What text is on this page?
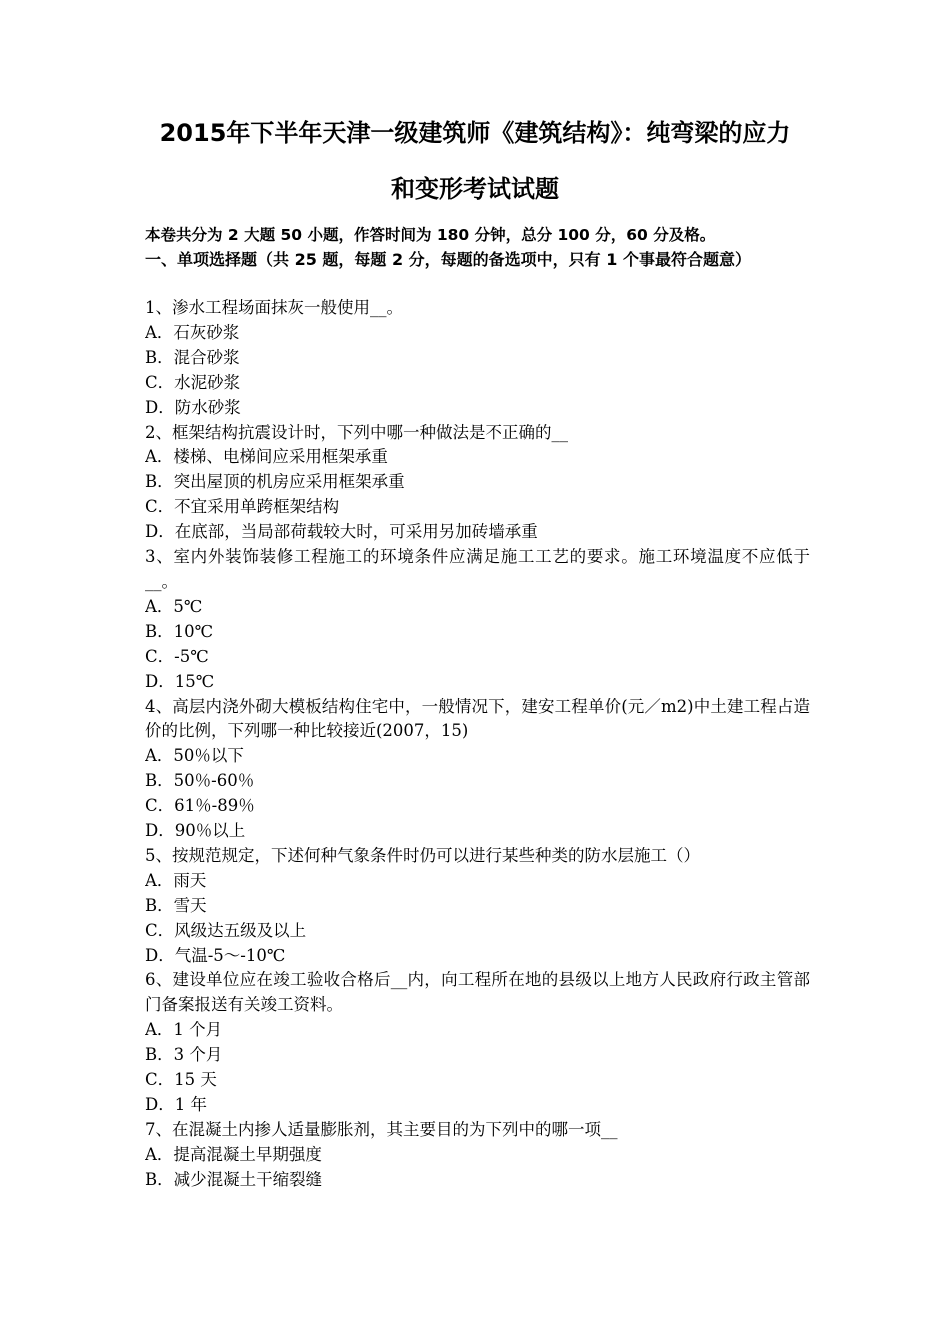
2015年下半年天津一级建筑师《建筑结构》：纯弯梁的应力
和变形考试试题
本卷共分为 2 大题 50 小题，作答时间为 180 分钟，总分 100 分，60 分及格。
一、单项选择题（共 25 题，每题 2 分，每题的备选项中，只有 1 个事最符合题意）
1、渗水工程场面抹灰一般使用__。
A．石灰砂浆
B．混合砂浆
C．水泥砂浆
D．防水砂浆
2、框架结构抗震设计时，下列中哪一种做法是不正确的__
A．楼梯、电梯间应采用框架承重
B．突出屋顶的机房应采用框架承重
C．不宜采用单跨框架结构
D．在底部，当局部荷载较大时，可采用另加砖墙承重
3、室内外装饰装修工程施工的环境条件应满足施工工艺的要求。施工环境温度不应低于__。
A．5℃
B．10℃
C．-5℃
D．15℃
4、高层内浇外砌大模板结构住宅中，一般情况下，建安工程单价(元／m2)中土建工程占造价的比例，下列哪一种比较接近(2007，15)
A．50％以下
B．50％-60％
C．61％-89％
D．90％以上
5、按规范规定，下述何种气象条件时仍可以进行某些种类的防水层施工（）
A．雨天
B．雪天
C．风级达五级及以上
D．气温-5～-10℃
6、建设单位应在竣工验收合格后__内，向工程所在地的县级以上地方人民政府行政主管部门备案报送有关竣工资料。
A．1 个月
B．3 个月
C．15 天
D．1 年
7、在混凝土内掺人适量膨胀剂，其主要目的为下列中的哪一项__
A．提高混凝土早期强度
B．减少混凝土干缩裂缝
